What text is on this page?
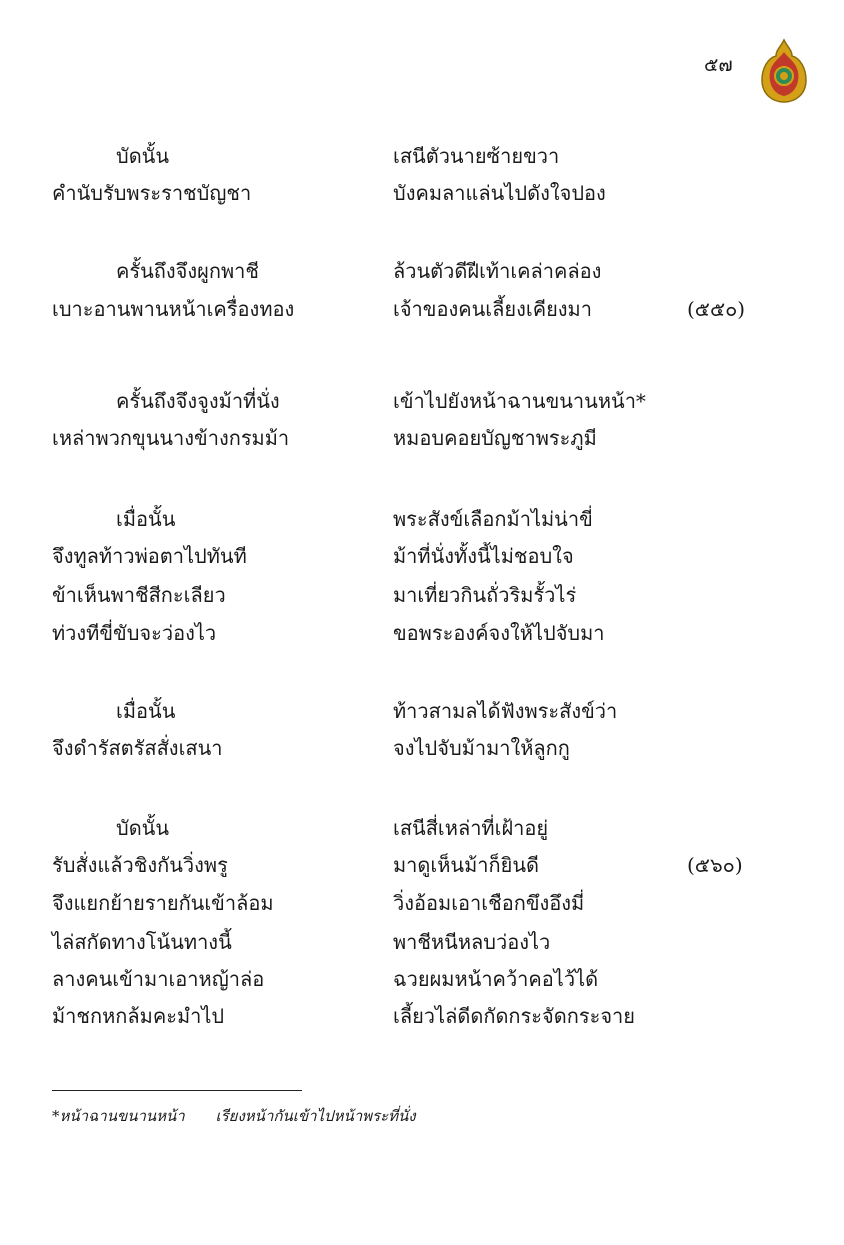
๕๗
บัดนั้น	เสนีตัวนายซ้ายขวา
คำนับรับพระราชบัญชา	บังคมลาแล่นไปดังใจปอง
ครั้นถึงจึงผูกพาชี	ล้วนตัวดีฝีเท้าเคล่าคล่อง
เบาะอานพานหน้าเครื่องทอง	เจ้าของคนเลี้ยงเคียงมา	(๕๕๐)
ครั้นถึงจึงจูงม้าที่นั่ง	เข้าไปยังหน้าฉานขนานหน้า*
เหล่าพวกขุนนางข้างกรมม้า	หมอบคอยบัญชาพระภูมี
เมื่อนั้น	พระสังข์เลือกม้าไม่น่าขี่
จึงทูลท้าวพ่อตาไปทันที	ม้าที่นั่งทั้งนี้ไม่ชอบใจ
ข้าเห็นพาชีสีกะเลียว	มาเที่ยวกินถั่วริมรั้วไร่
ท่วงทีขี่ขับจะว่องไว	ขอพระองค์จงให้ไปจับมา
เมื่อนั้น	ท้าวสามลได้ฟังพระสังข์ว่า
จึงดำรัสตรัสสั่งเสนา	จงไปจับม้ามาให้ลูกกู
บัดนั้น	เสนีสี่เหล่าที่เฝ้าอยู่
รับสั่งแล้วชิงกันวิ่งพรู	มาดูเห็นม้าก็ยินดี	(๕๖๐)
จึงแยกย้ายรายกันเข้าล้อม	วิ่งอ้อมเอาเชือกขึงอึงมี่
ไล่สกัดทางโน้นทางนี้	พาชีหนีหลบว่องไว
ลางคนเข้ามาเอาหญ้าล่อ	ฉวยผมหน้าคว้าคอไว้ได้
ม้าชกหกล้มคะมำไป	เลี้ยวไล่ดีดกัดกระจัดกระจาย
*หน้าฉานขนานหน้า เรียงหน้ากันเข้าไปหน้าพระที่นั่ง
